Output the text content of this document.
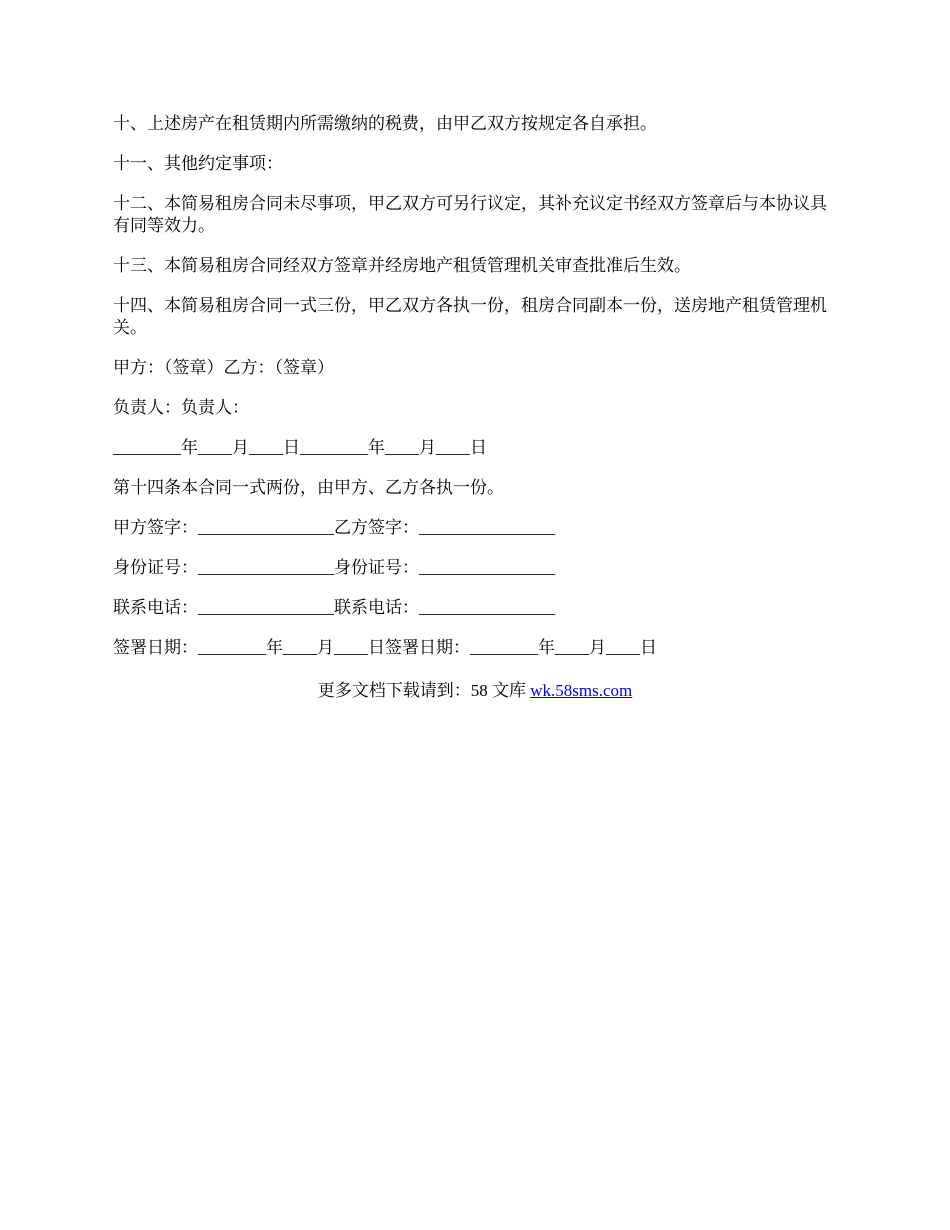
十、上述房产在租赁期内所需缴纳的税费，由甲乙双方按规定各自承担。

十一、其他约定事项：

十二、本简易租房合同未尽事项，甲乙双方可另行议定，其补充议定书经双方签章后与本协议具有同等效力。

十三、本简易租房合同经双方签章并经房地产租赁管理机关审查批准后生效。

十四、本简易租房合同一式三份，甲乙双方各执一份，租房合同副本一份，送房地产租赁管理机关。

甲方：（签章）乙方：（签章）

负责人：负责人：

________年____月____日________年____月____日

第十四条本合同一式两份，由甲方、乙方各执一份。

甲方签字：________________乙方签字：________________

身份证号：________________身份证号：________________

联系电话：________________联系电话：________________

签署日期：________年____月____日签署日期：________年____月____日

更多文档下载请到：58 文库 wk.58sms.com
